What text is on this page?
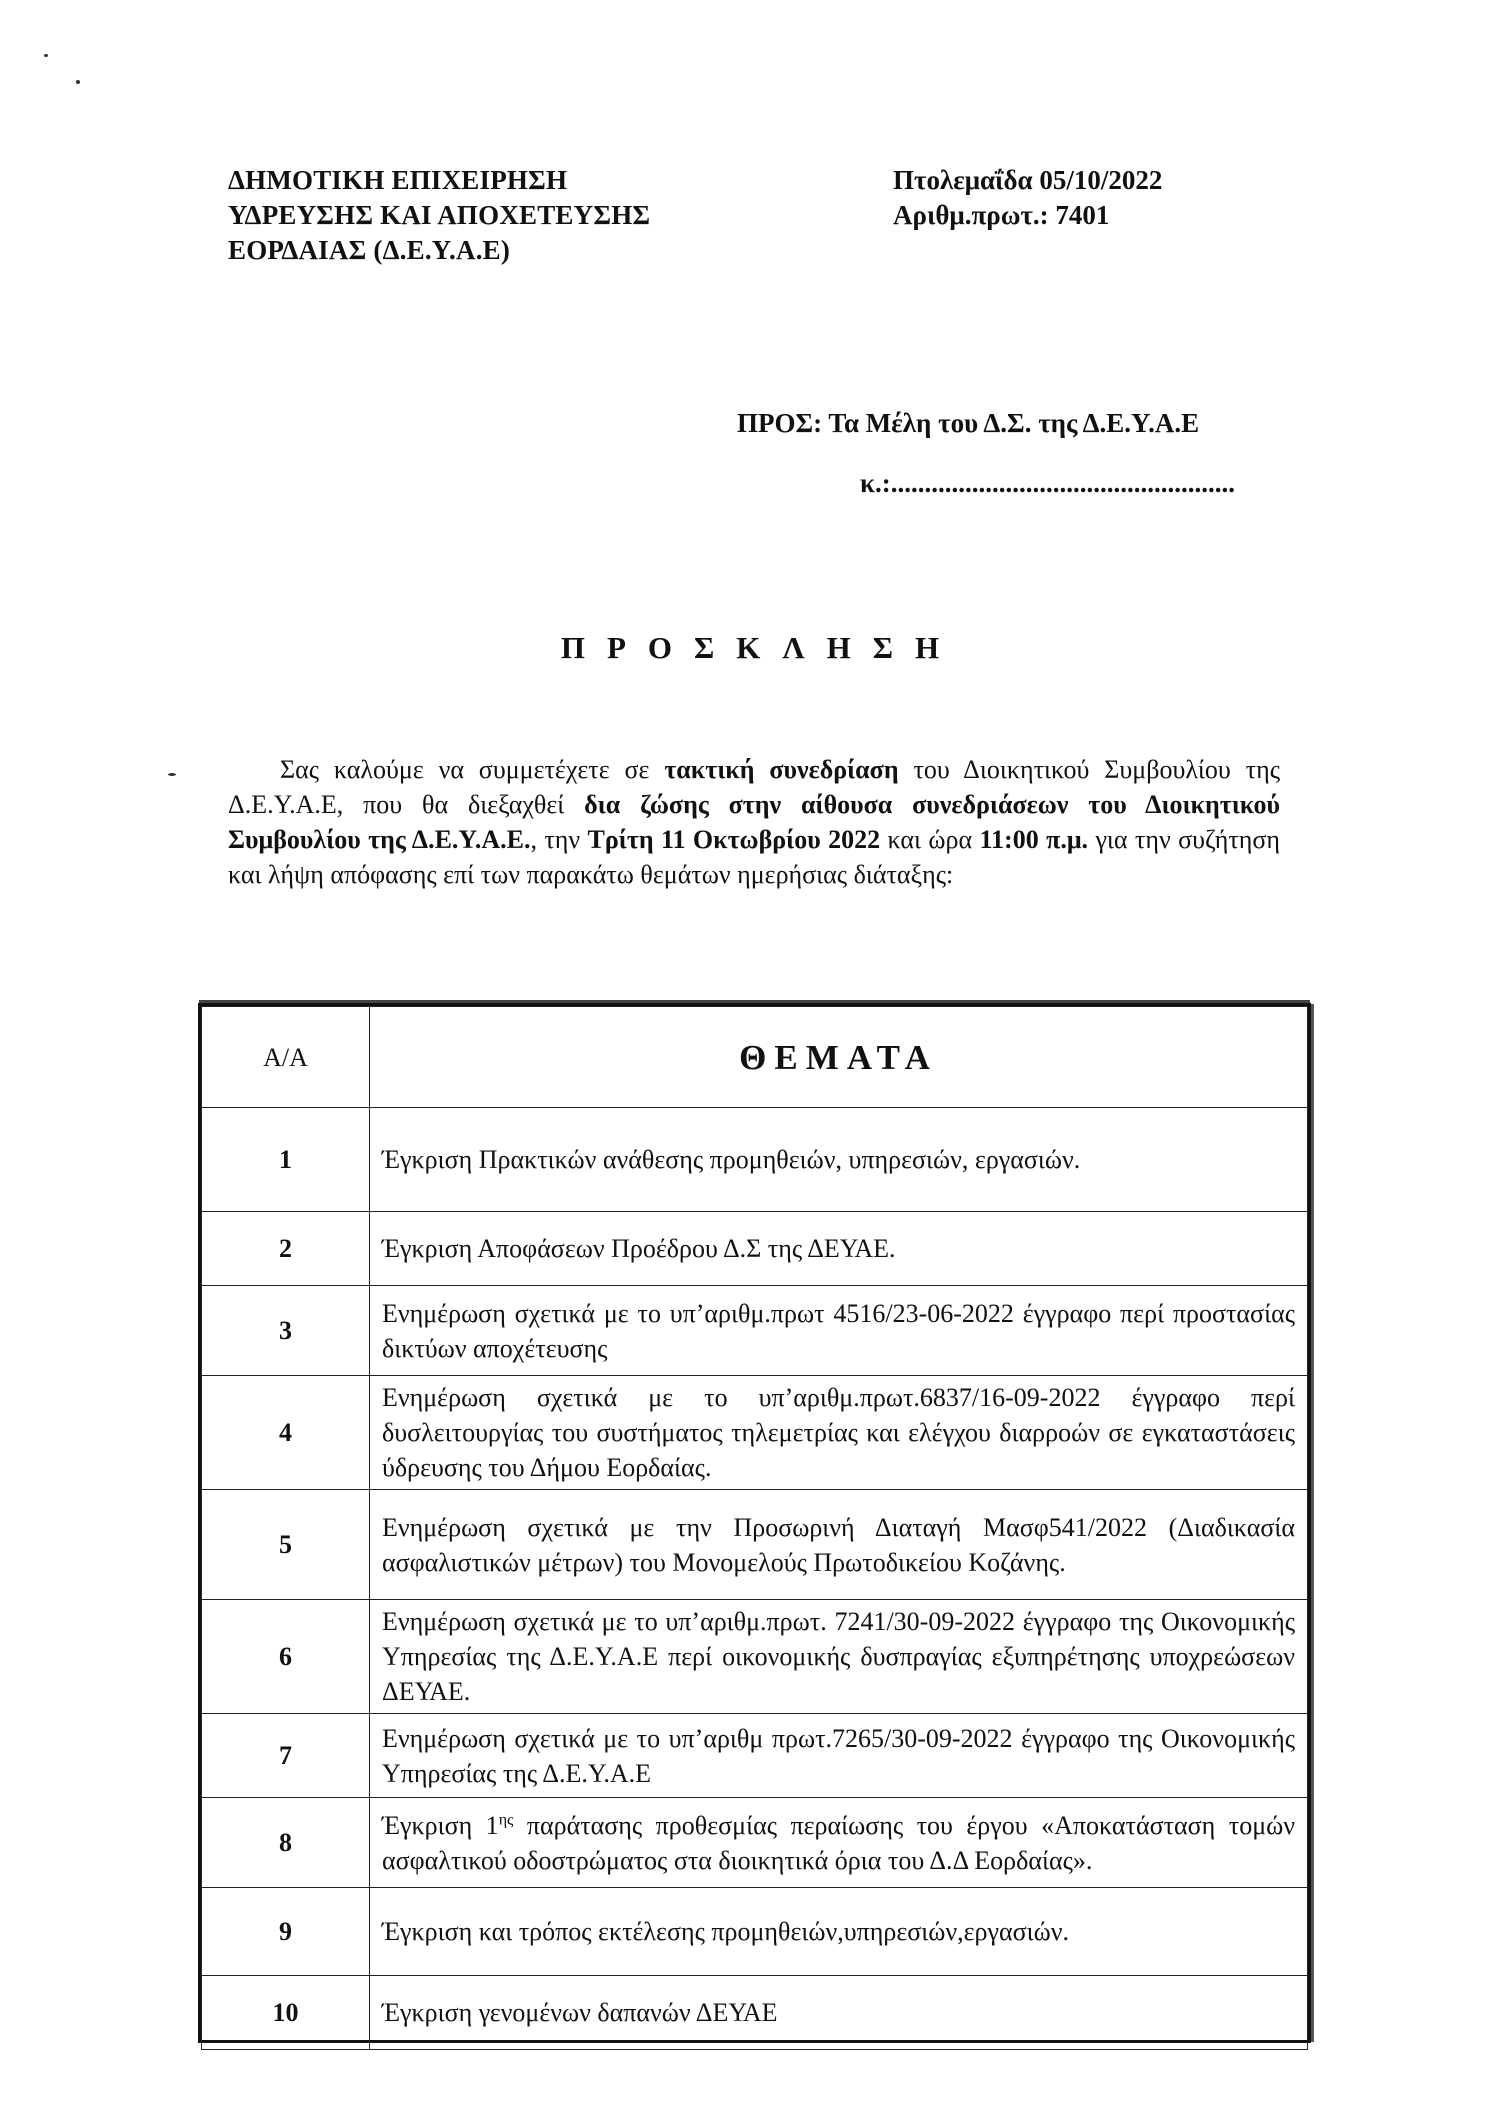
ΔΗΜΟΤΙΚΗ ΕΠΙΧΕΙΡΗΣΗ
ΥΔΡΕΥΣΗΣ ΚΑΙ ΑΠΟΧΕΤΕΥΣΗΣ
ΕΟΡΔΑΙΑΣ (Δ.Ε.Υ.Α.Ε)
Πτολεμαΐδα 05/10/2022
Αριθμ.πρωτ.: 7401
ΠΡΟΣ: Τα Μέλη του Δ.Σ. της Δ.Ε.Υ.Α.Ε
κ.:...................................................
ΠΡΟΣΚΛΗΣΗ
Σας καλούμε να συμμετέχετε σε τακτική συνεδρίαση του Διοικητικού Συμβουλίου της Δ.Ε.Υ.Α.Ε, που θα διεξαχθεί δια ζώσης στην αίθουσα συνεδριάσεων του Διοικητικού Συμβουλίου της Δ.Ε.Υ.Α.Ε., την Τρίτη 11 Οκτωβρίου 2022 και ώρα 11:00 π.μ. για την συζήτηση και λήψη απόφασης επί των παρακάτω θεμάτων ημερήσιας διάταξης:
Α/Α	ΘΕΜΑΤΑ
1	Έγκριση Πρακτικών ανάθεσης προμηθειών, υπηρεσιών, εργασιών.
2	Έγκριση Αποφάσεων Προέδρου Δ.Σ της ΔΕΥΑΕ.
3	Ενημέρωση σχετικά με το υπ’αριθμ.πρωτ 4516/23-06-2022 έγγραφο περί προστασίας δικτύων αποχέτευσης
4	Ενημέρωση σχετικά με το υπ’αριθμ.πρωτ.6837/16-09-2022 έγγραφο περί δυσλειτουργίας του συστήματος τηλεμετρίας και ελέγχου διαρροών σε εγκαταστάσεις ύδρευσης του Δήμου Εορδαίας.
5	Ενημέρωση σχετικά με την Προσωρινή Διαταγή Μασφ541/2022 (Διαδικασία ασφαλιστικών μέτρων) του Μονομελούς Πρωτοδικείου Κοζάνης.
6	Ενημέρωση σχετικά με το υπ’αριθμ.πρωτ. 7241/30-09-2022 έγγραφο της Οικονομικής Υπηρεσίας της Δ.Ε.Υ.Α.Ε περί οικονομικής δυσπραγίας εξυπηρέτησης υποχρεώσεων ΔΕΥΑΕ.
7	Ενημέρωση σχετικά με το υπ’αριθμ πρωτ.7265/30-09-2022 έγγραφο της Οικονομικής Υπηρεσίας της Δ.Ε.Υ.Α.Ε
8	Έγκριση $1^{\eta\varsigma}$ παράτασης προθεσμίας περαίωσης του έργου «Αποκατάσταση τομών ασφαλτικού οδοστρώματος στα διοικητικά όρια του Δ.Δ Εορδαίας».
9	Έγκριση και τρόπος εκτέλεσης προμηθειών,υπηρεσιών,εργασιών.
10	Έγκριση γενομένων δαπανών ΔΕΥΑΕ
